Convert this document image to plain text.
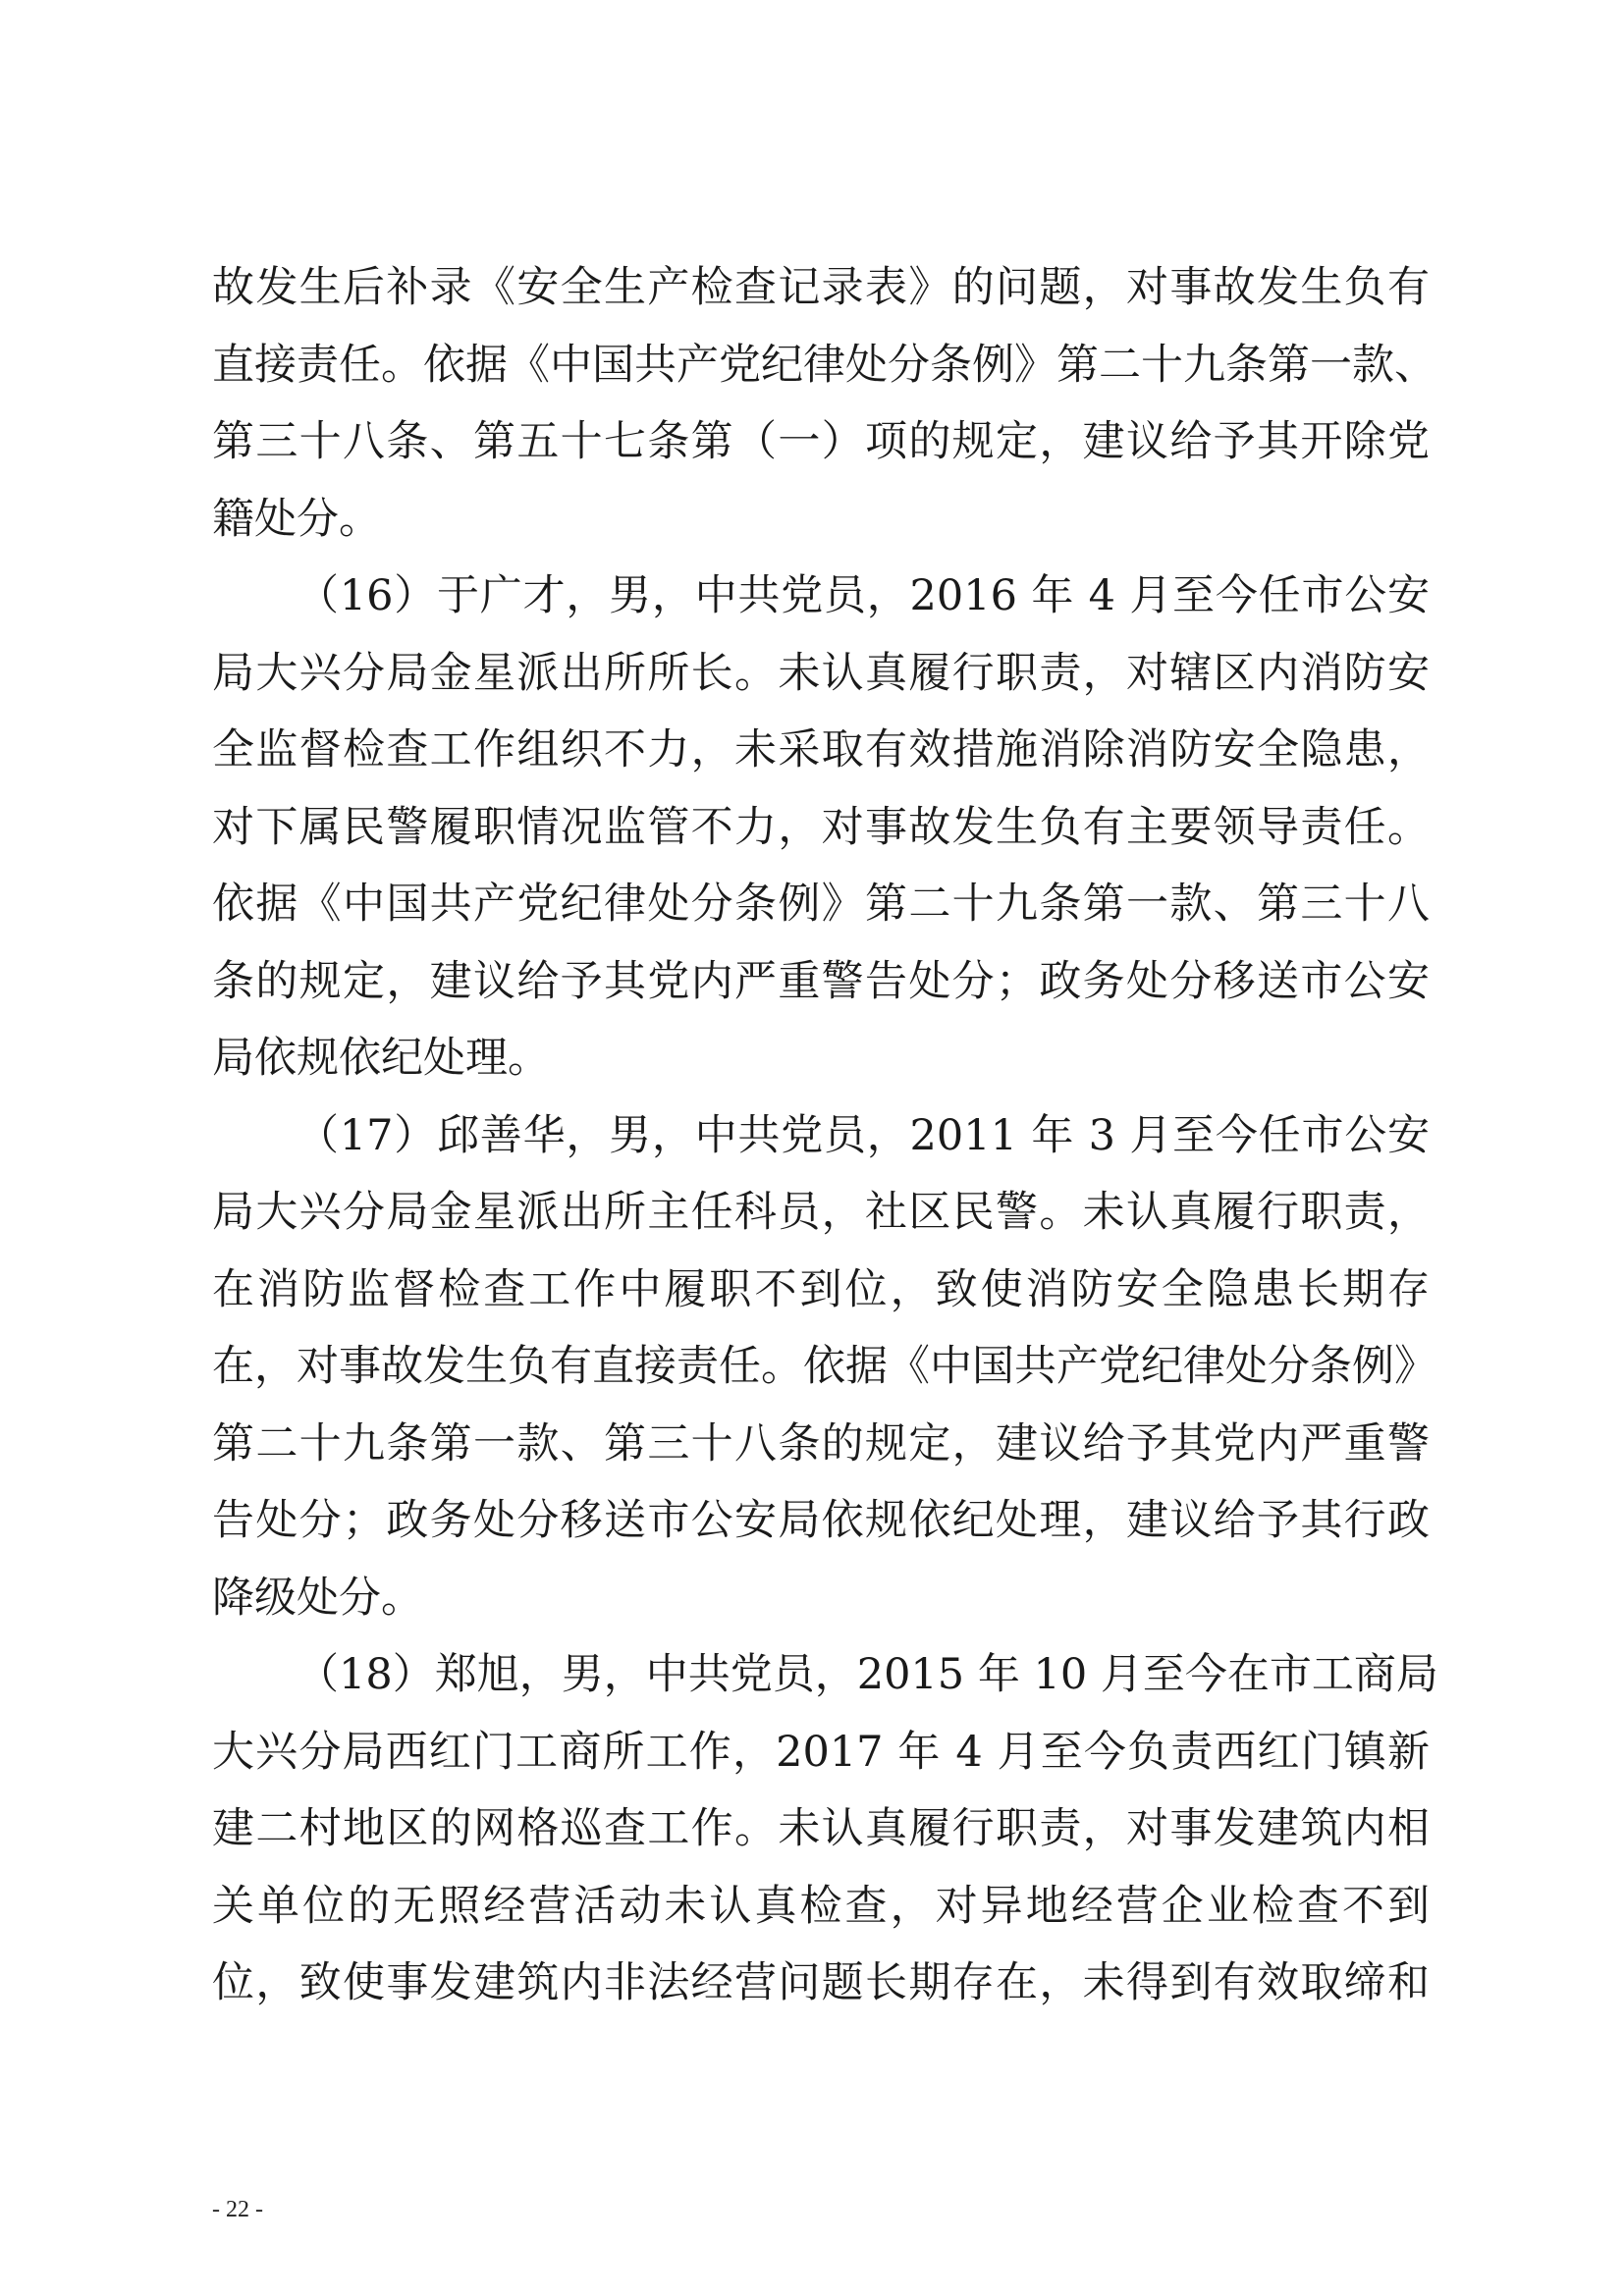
故发生后补录《安全生产检查记录表》的问题，对事故发生负有
直接责任。依据《中国共产党纪律处分条例》第二十九条第一款、
第三十八条、第五十七条第（一）项的规定，建议给予其开除党
籍处分。
（16）于广才，男，中共党员，2016 年 4 月至今任市公安
局大兴分局金星派出所所长。未认真履行职责，对辖区内消防安
全监督检查工作组织不力，未采取有效措施消除消防安全隐患，
对下属民警履职情况监管不力，对事故发生负有主要领导责任。
依据《中国共产党纪律处分条例》第二十九条第一款、第三十八
条的规定，建议给予其党内严重警告处分；政务处分移送市公安
局依规依纪处理。
（17）邱善华，男，中共党员，2011 年 3 月至今任市公安
局大兴分局金星派出所主任科员，社区民警。未认真履行职责，
在消防监督检查工作中履职不到位，致使消防安全隐患长期存
在，对事故发生负有直接责任。依据《中国共产党纪律处分条例》
第二十九条第一款、第三十八条的规定，建议给予其党内严重警
告处分；政务处分移送市公安局依规依纪处理，建议给予其行政
降级处分。
（18）郑旭，男，中共党员，2015 年 10 月至今在市工商局
大兴分局西红门工商所工作，2017 年 4 月至今负责西红门镇新
建二村地区的网格巡查工作。未认真履行职责，对事发建筑内相
关单位的无照经营活动未认真检查，对异地经营企业检查不到
位，致使事发建筑内非法经营问题长期存在，未得到有效取缔和
- 22 -
